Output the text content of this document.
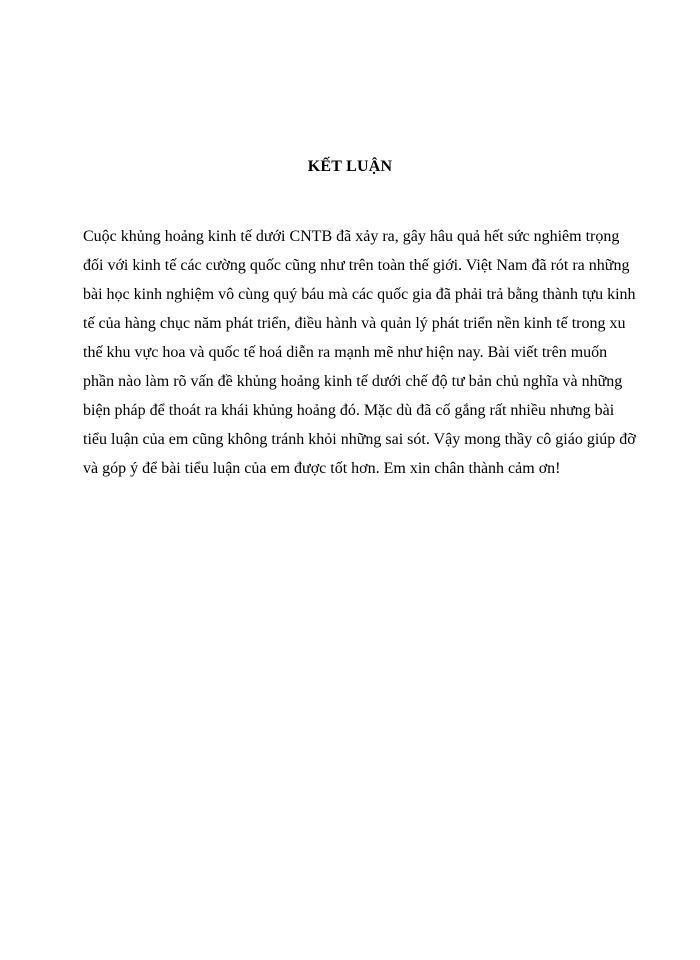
KẾT LUẬN
Cuộc khủng hoảng kinh tế dưới CNTB đã xảy ra, gây hâu quả hết sức nghiêm trọng
đối với kinh tế các cường quốc cũng như trên toàn thế giới. Việt Nam đã rót ra những
bài học kinh nghiệm vô cùng quý báu mà các quốc gia đã phải trả bằng thành tựu kinh
tế của hàng chục năm phát triển, điều hành và quản lý phát triển nền kinh tế trong xu
thế khu vực hoa và quốc tế hoá diễn ra mạnh mẽ như hiện nay. Bài viết trên muốn
phần nào làm rõ vấn đề khủng hoảng kinh tế dưới chế độ tư bản chủ nghĩa và những
biện pháp để thoát ra khái khủng hoảng đó. Mặc dù đã cố gắng rất nhiều nhưng bài
tiểu luận của em cũng không tránh khỏi những sai sót. Vậy mong thầy cô giáo giúp đỡ
và góp ý để bài tiểu luận của em được tốt hơn. Em xin chân thành cảm ơn!
